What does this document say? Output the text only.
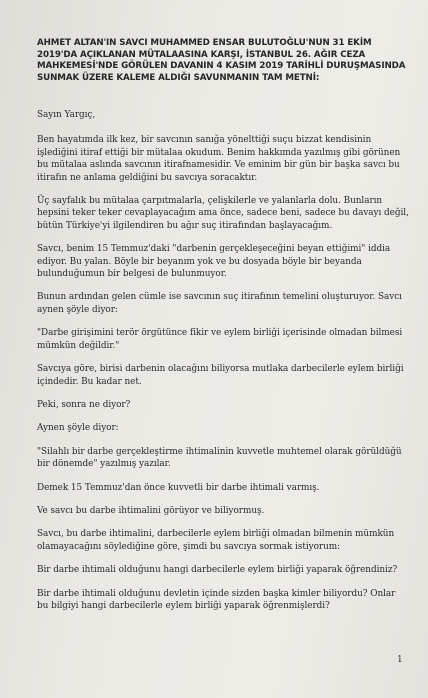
AHMET ALTAN'IN SAVCI MUHAMMED ENSAR BULUTOĞLU'NUN 31 EKİM 2019'DA AÇIKLANAN MÜTALAASINA KARŞI, İSTANBUL 26. AĞIR CEZA MAHKEMESİ'NDE GÖRÜLEN DAVANIN 4 KASIM 2019 TARİHLİ DURUŞMASINDA SUNMAK ÜZERE KALEME ALDIĞI SAVUNMANIN TAM METNİ:

Sayın Yargıç,

Ben hayatımda ilk kez, bir savcının sanığa yönelttiği suçu bizzat kendisinin işlediğini itiraf ettiği bir mütalaa okudum. Benim hakkımda yazılmış gibi görünen bu mütalaa aslında savcının itirafnamesidir. Ve eminim bir gün bir başka savcı bu itirafın ne anlama geldiğini bu savcıya soracaktır.

Üç sayfalık bu mütalaa çarpıtmalarla, çelişkilerle ve yalanlarla dolu. Bunların hepsini teker teker cevaplayacağım ama önce, sadece beni, sadece bu davayı değil, bütün Türkiye'yi ilgilendiren bu ağır suç itirafından başlayacağım.

Savcı, benim 15 Temmuz'daki "darbenin gerçekleşeceğini beyan ettiğimi" iddia ediyor. Bu yalan. Böyle bir beyanım yok ve bu dosyada böyle bir beyanda bulunduğumun bir belgesi de bulunmuyor.

Bunun ardından gelen cümle ise savcının suç itirafının temelini oluşturuyor. Savcı aynen şöyle diyor:

"Darbe girişimini terör örgütünce fikir ve eylem birliği içerisinde olmadan bilmesi mümkün değildir."

Savcıya göre, birisi darbenin olacağını biliyorsa mutlaka darbecilerle eylem birliği içindedir. Bu kadar net.

Peki, sonra ne diyor?

Aynen şöyle diyor:

"Silahlı bir darbe gerçekleştirme ihtimalinin kuvvetle muhtemel olarak görüldüğü bir dönemde" yazılmış yazılar.

Demek 15 Temmuz'dan önce kuvvetli bir darbe ihtimali varmış.

Ve savcı bu darbe ihtimalini görüyor ve biliyormuş.

Savcı, bu darbe ihtimalini, darbecilerle eylem birliği olmadan bilmenin mümkün olamayacağını söylediğine göre, şimdi bu savcıya sormak istiyorum:

Bir darbe ihtimali olduğunu hangi darbecilerle eylem birliği yaparak öğrendiniz?

Bir darbe ihtimali olduğunu devletin içinde sizden başka kimler biliyordu? Onlar bu bilgiyi hangi darbecilerle eylem birliği yaparak öğrenmişlerdi?

1
